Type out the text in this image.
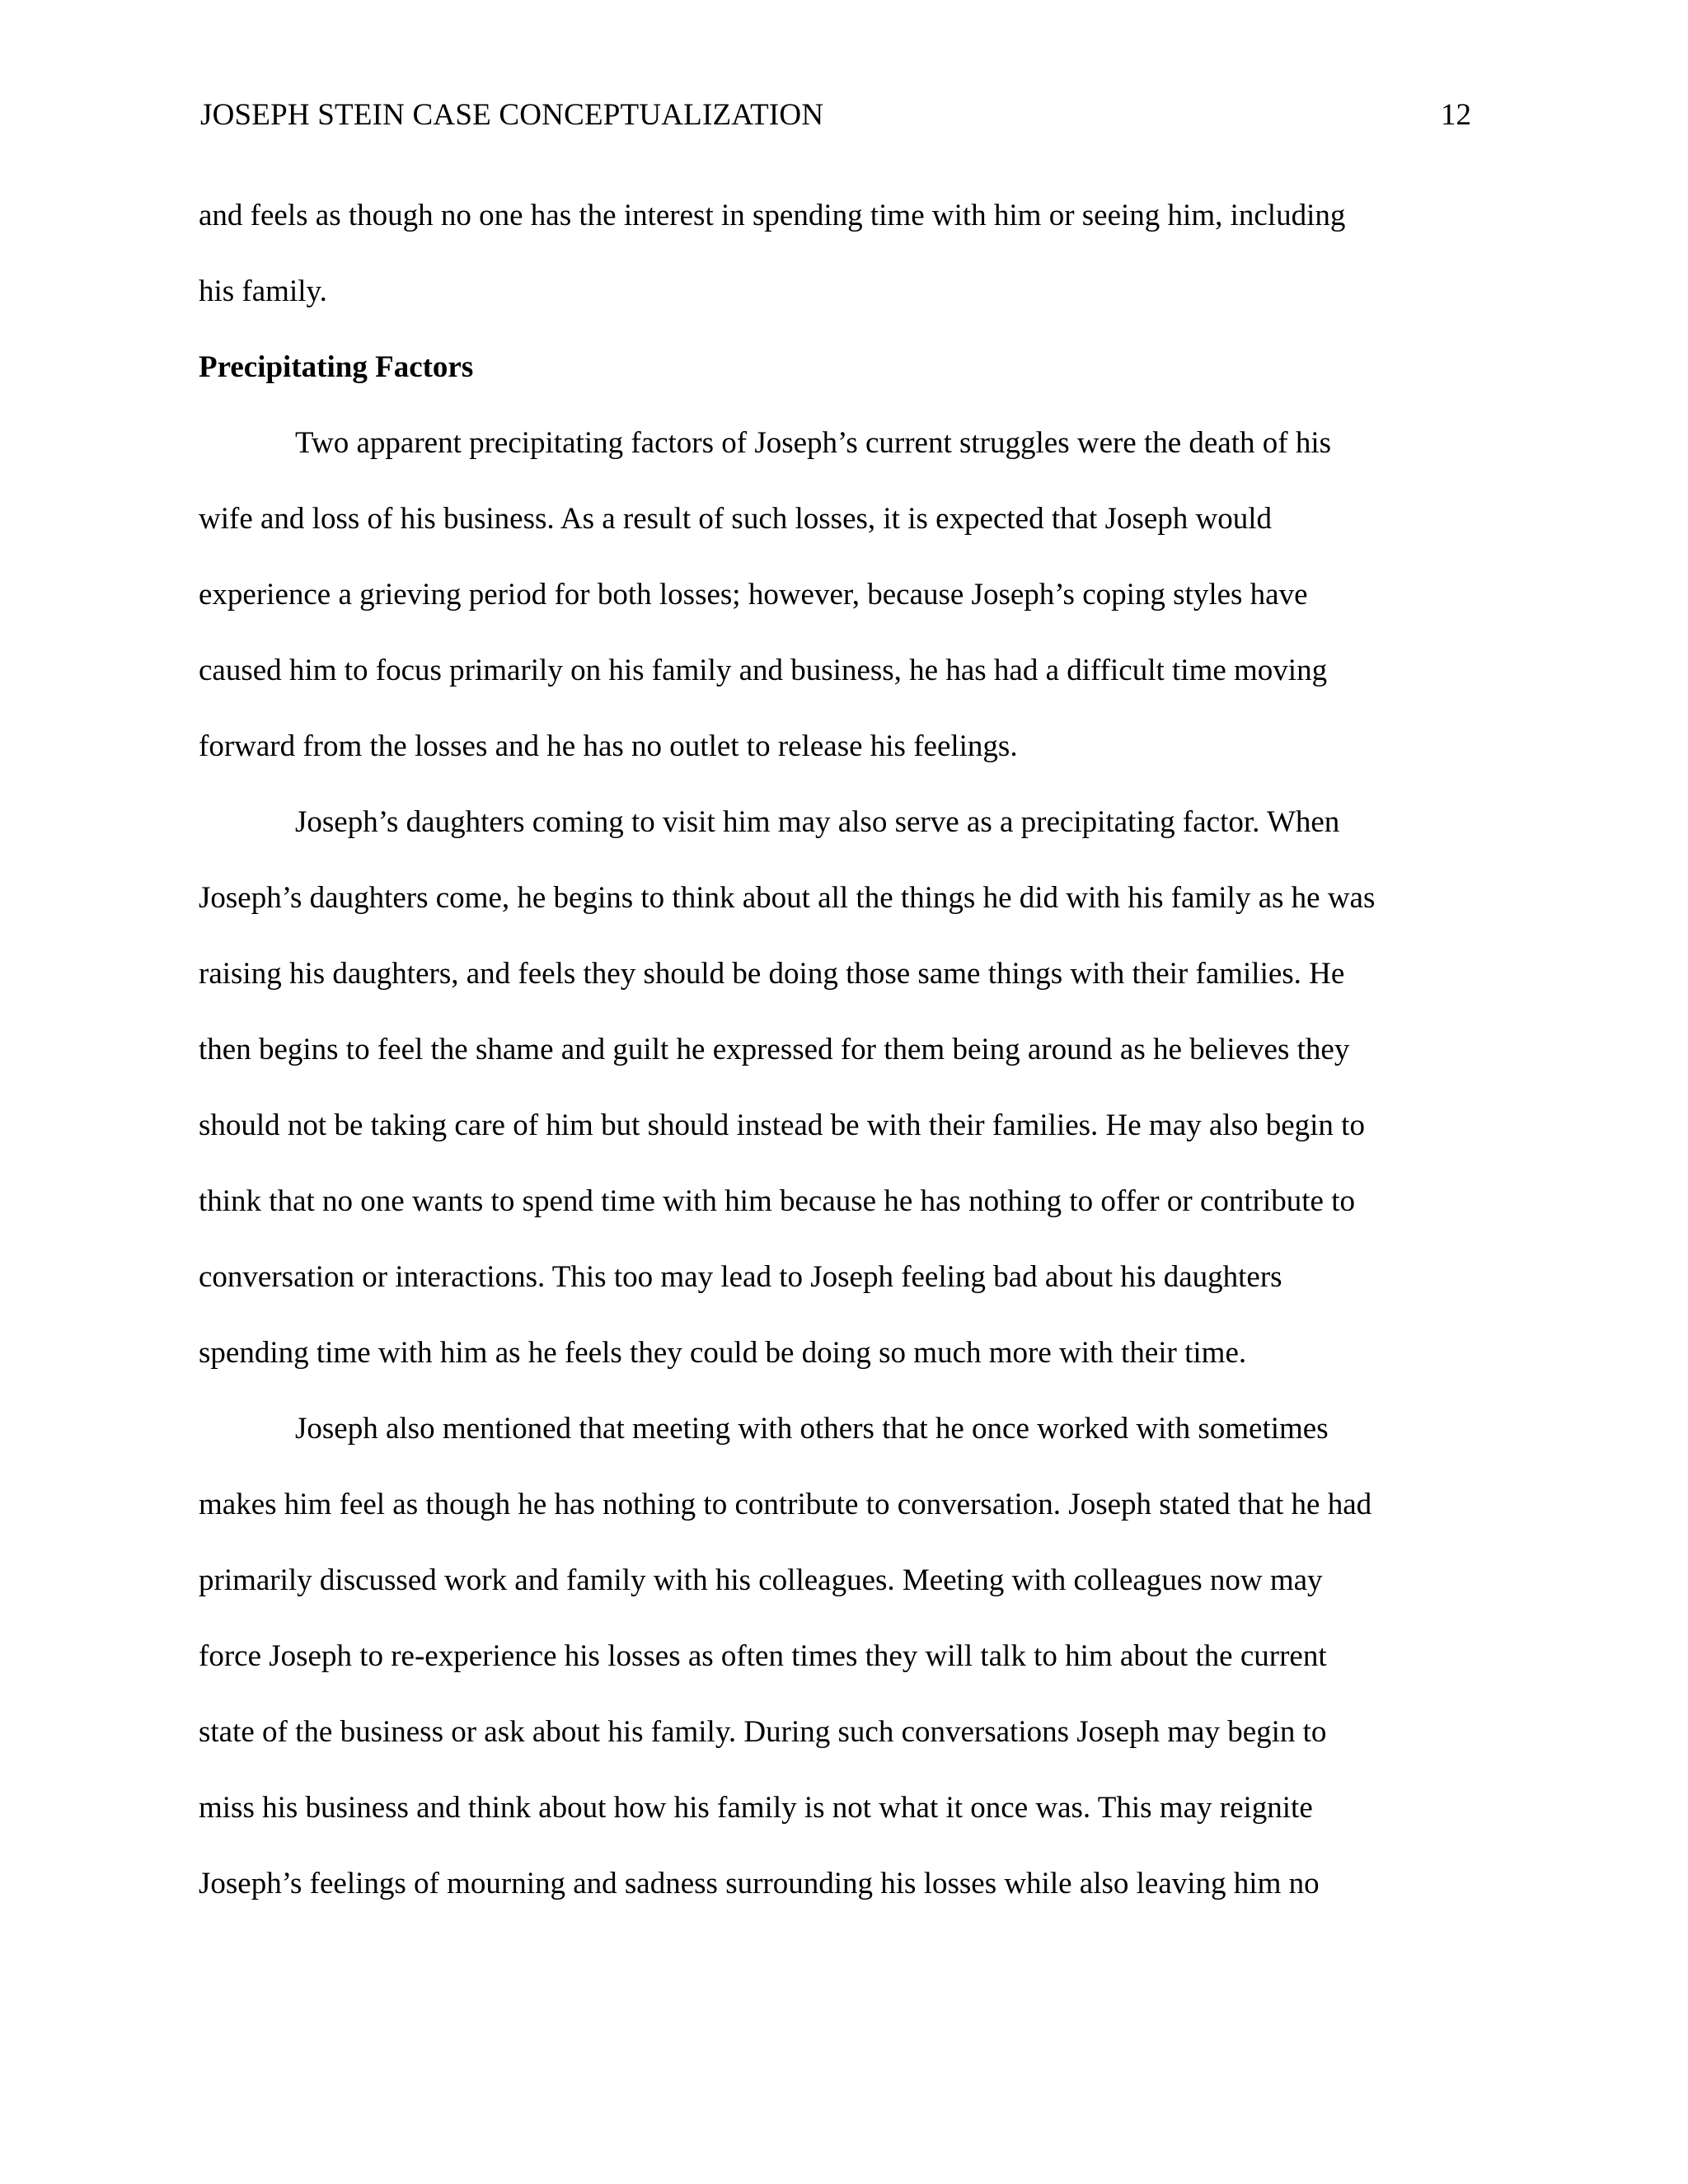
JOSEPH STEIN CASE CONCEPTUALIZATION	12
and feels as though no one has the interest in spending time with him or seeing him, including
his family.
Precipitating Factors
Two apparent precipitating factors of Joseph’s current struggles were the death of his
wife and loss of his business. As a result of such losses, it is expected that Joseph would
experience a grieving period for both losses; however, because Joseph’s coping styles have
caused him to focus primarily on his family and business, he has had a difficult time moving
forward from the losses and he has no outlet to release his feelings.
Joseph’s daughters coming to visit him may also serve as a precipitating factor. When
Joseph’s daughters come, he begins to think about all the things he did with his family as he was
raising his daughters, and feels they should be doing those same things with their families. He
then begins to feel the shame and guilt he expressed for them being around as he believes they
should not be taking care of him but should instead be with their families. He may also begin to
think that no one wants to spend time with him because he has nothing to offer or contribute to
conversation or interactions. This too may lead to Joseph feeling bad about his daughters
spending time with him as he feels they could be doing so much more with their time.
Joseph also mentioned that meeting with others that he once worked with sometimes
makes him feel as though he has nothing to contribute to conversation. Joseph stated that he had
primarily discussed work and family with his colleagues. Meeting with colleagues now may
force Joseph to re-experience his losses as often times they will talk to him about the current
state of the business or ask about his family. During such conversations Joseph may begin to
miss his business and think about how his family is not what it once was. This may reignite
Joseph’s feelings of mourning and sadness surrounding his losses while also leaving him no
